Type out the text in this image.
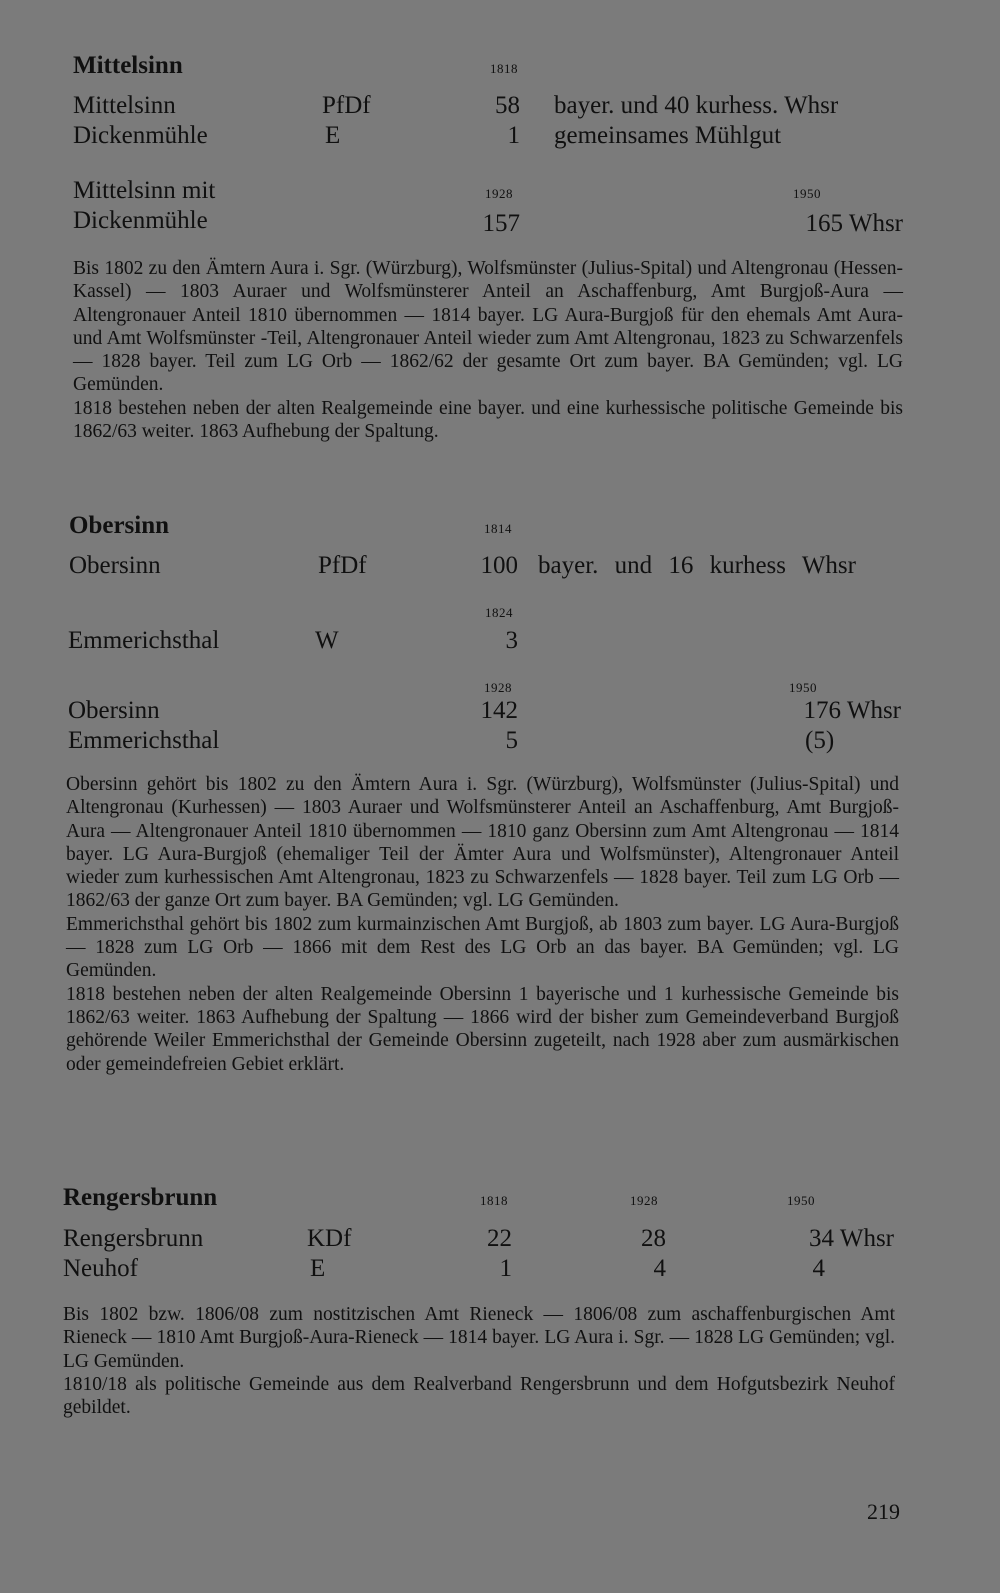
Mittelsinn	1818
Mittelsinn	PfDf	58 bayer. und 40 kurhess. Whsr
Dickenmühle	E	1 gemeinsames Mühlgut
Mittelsinn mit	1928	1950
Dickenmühle	157	165 Whsr

Bis 1802 zu den Ämtern Aura i. Sgr. (Würzburg), Wolfsmünster (Julius-Spital) und Altengronau (Hessen-Kassel) — 1803 Auraer und Wolfsmünsterer Anteil an Aschaffenburg, Amt Burgjoß-Aura — Altengronauer Anteil 1810 übernommen — 1814 bayer. LG Aura-Burgjoß für den ehemals Amt Aura- und Amt Wolfsmünster -Teil, Altengronauer Anteil wieder zum Amt Altengronau, 1823 zu Schwarzenfels — 1828 bayer. Teil zum LG Orb — 1862/62 der gesamte Ort zum bayer. BA Gemünden; vgl. LG Gemünden.

1818 bestehen neben der alten Realgemeinde eine bayer. und eine kurhessische politische Gemeinde bis 1862/63 weiter. 1863 Aufhebung der Spaltung.

Obersinn	1814
Obersinn	PfDf	100 bayer. und 16 kurhess Whsr
1824
Emmerichsthal	W	3
1928	1950
Obersinn	142	176 Whsr
Emmerichsthal	5	(5)

Obersinn gehört bis 1802 zu den Ämtern Aura i. Sgr. (Würzburg), Wolfsmünster (Julius-Spital) und Altengronau (Kurhessen) — 1803 Auraer und Wolfsmünsterer Anteil an Aschaffenburg, Amt Burgjoß-Aura — Altengronauer Anteil 1810 übernommen — 1810 ganz Obersinn zum Amt Altengronau — 1814 bayer. LG Aura-Burgjoß (ehemaliger Teil der Ämter Aura und Wolfsmünster), Altengronauer Anteil wieder zum kurhessischen Amt Altengronau, 1823 zu Schwarzenfels — 1828 bayer. Teil zum LG Orb — 1862/63 der ganze Ort zum bayer. BA Gemünden; vgl. LG Gemünden.

Emmerichsthal gehört bis 1802 zum kurmainzischen Amt Burgjoß, ab 1803 zum bayer. LG Aura-Burgjoß — 1828 zum LG Orb — 1866 mit dem Rest des LG Orb an das bayer. BA Gemünden; vgl. LG Gemünden.

1818 bestehen neben der alten Realgemeinde Obersinn 1 bayerische und 1 kurhessische Gemeinde bis 1862/63 weiter. 1863 Aufhebung der Spaltung — 1866 wird der bisher zum Gemeindeverband Burgjoß gehörende Weiler Emmerichsthal der Gemeinde Obersinn zugeteilt, nach 1928 aber zum ausmärkischen oder gemeindefreien Gebiet erklärt.

Rengersbrunn	1818	1928	1950
Rengersbrunn	KDf	22	28	34 Whsr
Neuhof	E	1	4	4

Bis 1802 bzw. 1806/08 zum nostitzischen Amt Rieneck — 1806/08 zum aschaffenburgischen Amt Rieneck — 1810 Amt Burgjoß-Aura-Rieneck — 1814 bayer. LG Aura i. Sgr. — 1828 LG Gemünden; vgl. LG Gemünden.

1810/18 als politische Gemeinde aus dem Realverband Rengersbrunn und dem Hofgutsbezirk Neuhof gebildet.

219
